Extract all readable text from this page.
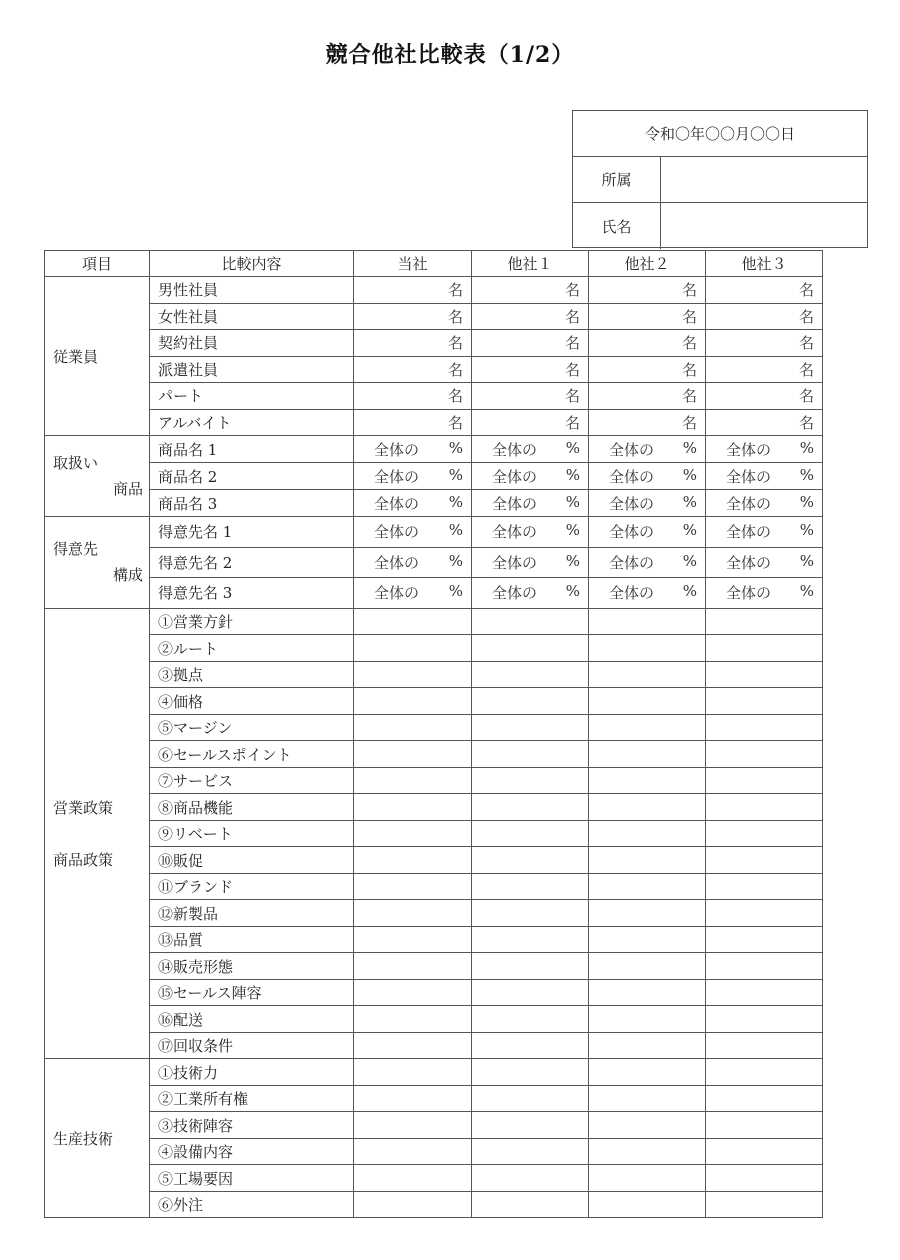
競合他社比較表（1/2）
令和〇年〇〇月〇〇日
所属
氏名
項目	比較内容	当社	他社１	他社２	他社３
従業員	男性社員	名	名	名	名
	女性社員	名	名	名	名
	契約社員	名	名	名	名
	派遣社員	名	名	名	名
	パート	名	名	名	名
	アルバイト	名	名	名	名

取扱い
商品	商品名 1	全体の %	全体の %	全体の %	全体の %

	商品名 2	全体の %	全体の %	全体の %	全体の %

	商品名 3	全体の %	全体の %	全体の %	全体の %

得意先
構成	得意先名 1	全体の %	全体の %	全体の %	全体の %

	得意先名 2	全体の %	全体の %	全体の %	全体の %

	得意先名 3	全体の %	全体の %	全体の %	全体の %

営業政策
商品政策	①営業方針				
	②ルート				
	③拠点				
	④価格				
	⑤マージン				
	⑥セールスポイント				
	⑦サービス				
	⑧商品機能				
	⑨リベート				
	⑩販促				
	⑪ブランド				
	⑫新製品				
	⑬品質				
	⑭販売形態				
	⑮セールス陣容				
	⑯配送				
	⑰回収条件				
生産技術	①技術力				
	②工業所有権				
	③技術陣容				
	④設備内容				
	⑤工場要因				
	⑥外注				
